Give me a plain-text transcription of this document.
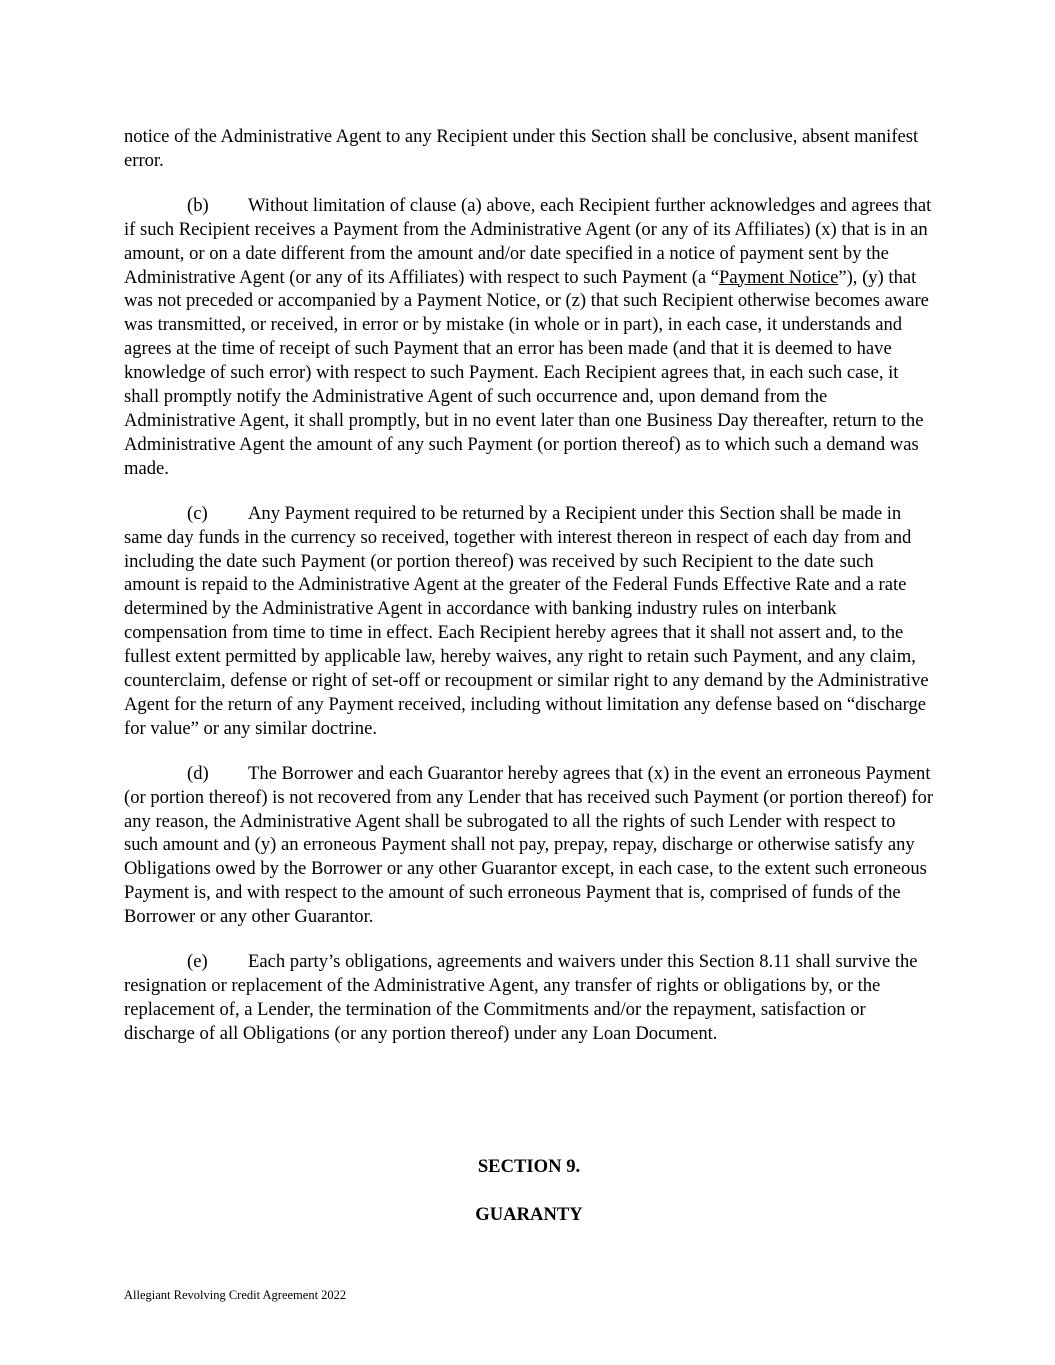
notice of the Administrative Agent to any Recipient under this Section shall be conclusive, absent manifest error.

(b) Without limitation of clause (a) above, each Recipient further acknowledges and agrees that if such Recipient receives a Payment from the Administrative Agent (or any of its Affiliates) (x) that is in an amount, or on a date different from the amount and/or date specified in a notice of payment sent by the Administrative Agent (or any of its Affiliates) with respect to such Payment (a “Payment Notice”), (y) that was not preceded or accompanied by a Payment Notice, or (z) that such Recipient otherwise becomes aware was transmitted, or received, in error or by mistake (in whole or in part), in each case, it understands and agrees at the time of receipt of such Payment that an error has been made (and that it is deemed to have knowledge of such error) with respect to such Payment. Each Recipient agrees that, in each such case, it shall promptly notify the Administrative Agent of such occurrence and, upon demand from the Administrative Agent, it shall promptly, but in no event later than one Business Day thereafter, return to the Administrative Agent the amount of any such Payment (or portion thereof) as to which such a demand was made.

(c) Any Payment required to be returned by a Recipient under this Section shall be made in same day funds in the currency so received, together with interest thereon in respect of each day from and including the date such Payment (or portion thereof) was received by such Recipient to the date such amount is repaid to the Administrative Agent at the greater of the Federal Funds Effective Rate and a rate determined by the Administrative Agent in accordance with banking industry rules on interbank compensation from time to time in effect. Each Recipient hereby agrees that it shall not assert and, to the fullest extent permitted by applicable law, hereby waives, any right to retain such Payment, and any claim, counterclaim, defense or right of set-off or recoupment or similar right to any demand by the Administrative Agent for the return of any Payment received, including without limitation any defense based on “discharge for value” or any similar doctrine.

(d) The Borrower and each Guarantor hereby agrees that (x) in the event an erroneous Payment (or portion thereof) is not recovered from any Lender that has received such Payment (or portion thereof) for any reason, the Administrative Agent shall be subrogated to all the rights of such Lender with respect to such amount and (y) an erroneous Payment shall not pay, prepay, repay, discharge or otherwise satisfy any Obligations owed by the Borrower or any other Guarantor except, in each case, to the extent such erroneous Payment is, and with respect to the amount of such erroneous Payment that is, comprised of funds of the Borrower or any other Guarantor.

(e) Each party’s obligations, agreements and waivers under this Section 8.11 shall survive the resignation or replacement of the Administrative Agent, any transfer of rights or obligations by, or the replacement of, a Lender, the termination of the Commitments and/or the repayment, satisfaction or discharge of all Obligations (or any portion thereof) under any Loan Document.

SECTION 9.

GUARANTY

Allegiant Revolving Credit Agreement 2022
